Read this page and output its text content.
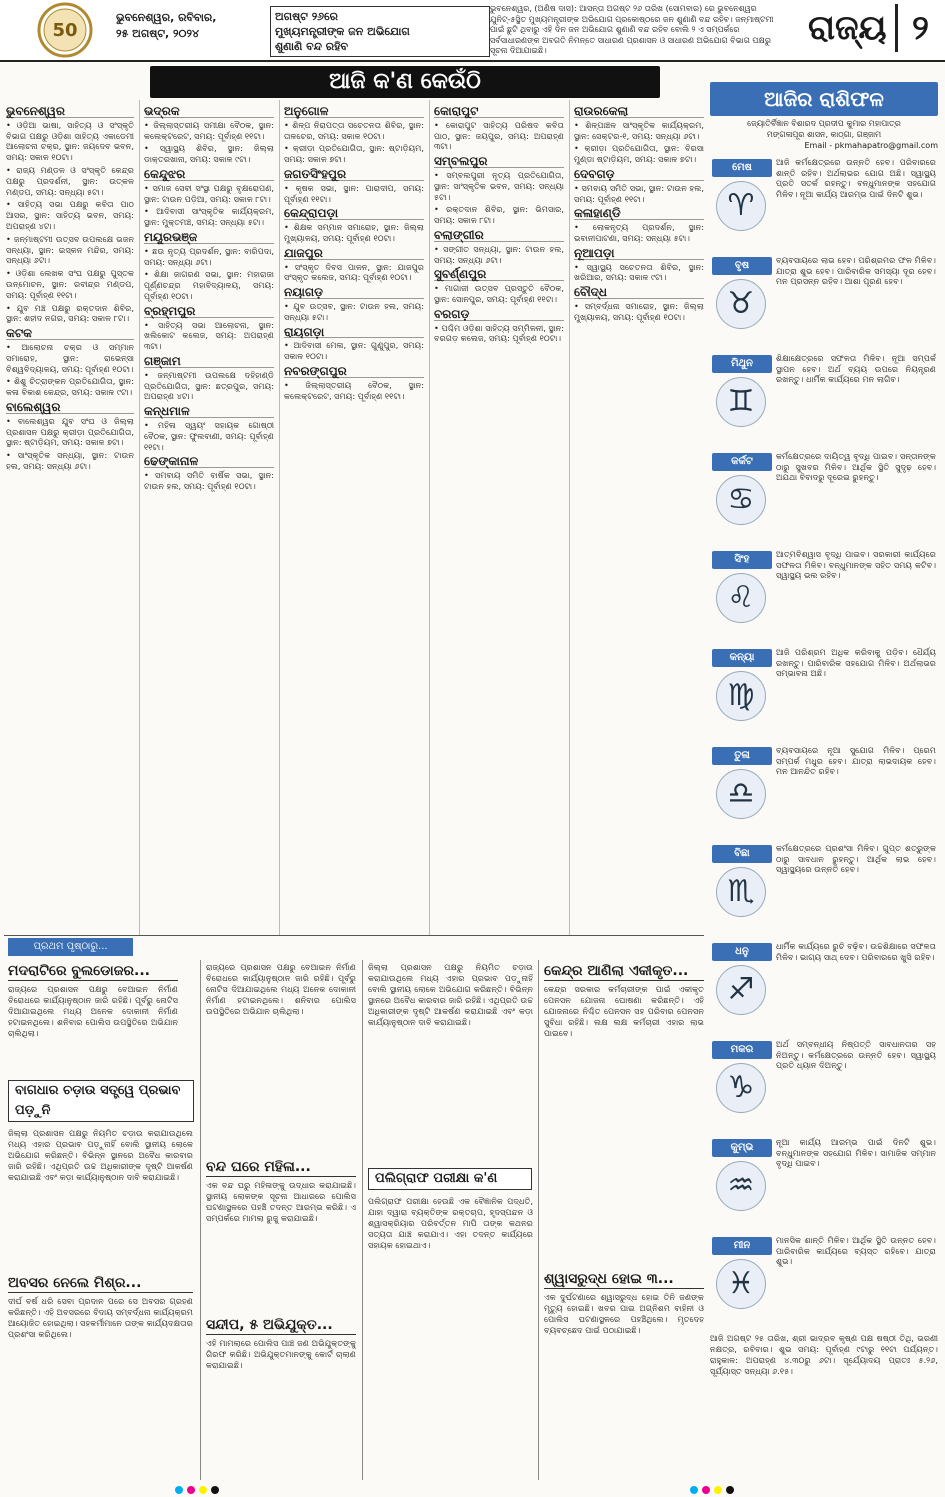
50
ଭୁବନେଶ୍ୱର, ରବିବାର,
୨୫ ଅଗଷ୍ଟ, ୨୦୨୪
ଅଗଷ୍ଟ ୨୬ରେ
ମୁଖ୍ୟମନ୍ତ୍ରୀଙ୍କ ଜନ ଅଭିଯୋଗ
ଶୁଣାଣି ବନ୍ଦ ରହିବ
ଭୁବନେଶ୍ୱର, (ଅଣିଷ ଦାସ): ଆସନ୍ତା ଅଗଷ୍ଟ ୨୬ ତାରିଖ (ସୋମବାର) ରେ ଭୁବନେଶ୍ୱର ଯୁନିଟ୍-୫ସ୍ଥିତ ମୁଖ୍ୟମନ୍ତ୍ରୀଙ୍କ ଅଭିଯୋଗ ପ୍ରକୋଷ୍ଠରେ ଜନ ଶୁଣାଣି ବନ୍ଦ ରହିବ। ଜନ୍ମାଷ୍ଟମୀ ପାଇଁ ଛୁଟି ଥିବାରୁ ଏହି ଦିନ ଜନ ଅଭିଯୋଗ ଶୁଣାଣି ବନ୍ଦ ରହିବ ବୋଲି ୨ ଏ ସମ୍ପର୍କରେ ସର୍ବସାଧାରଣଙ୍କ ଅବଗତି ନିମନ୍ତେ ସାଧାରଣ ପ୍ରଶାସନ ଓ ସାଧାରଣ ଅଭିଯୋଗ ବିଭାଗ ପକ୍ଷରୁ ସୂଚନା ଦିଆଯାଇଛି।
ରାଜ୍ୟ ୨
ଆଜି କ'ଣ କେଉଁଠି
ଭୁବନେଶ୍ୱର

• ଓଡ଼ିଆ ଭାଷା, ସାହିତ୍ୟ ଓ ସଂସ୍କୃତି ବିଭାଗ ପକ୍ଷରୁ ଓଡ଼ିଶା ସାହିତ୍ୟ ଏକାଡେମୀ ଆଲୋଚନା ଚକ୍ର, ସ୍ଥାନ: ଜୟଦେବ ଭବନ, ସମୟ: ସକାଳ ୧୦ଟା।

• ରାଜ୍ୟ ମଣ୍ଡଳ ଓ ସଂସ୍କୃତି କେନ୍ଦ୍ର ପକ୍ଷରୁ ପ୍ରଦର୍ଶନୀ, ସ୍ଥାନ: ଉତ୍କଳ ମଣ୍ଡପ, ସମୟ: ସନ୍ଧ୍ୟା ୫ଟା।

• ସାହିତ୍ୟ ସଭା ପକ୍ଷରୁ କବିତା ପାଠ ଆସର, ସ୍ଥାନ: ସାହିତ୍ୟ ଭବନ, ସମୟ: ଅପରାହ୍ଣ ୪ଟା।

• ଜନ୍ମାଷ୍ଟମୀ ଉତ୍ସବ ଉପଲକ୍ଷେ ଭଜନ ସନ୍ଧ୍ୟା, ସ୍ଥାନ: ଇସ୍କନ ମନ୍ଦିର, ସମୟ: ସନ୍ଧ୍ୟା ୬ଟା।

• ଓଡ଼ିଶା ଲେଖକ ସଂଘ ପକ୍ଷରୁ ପୁସ୍ତକ ଉନ୍ମୋଚନ, ସ୍ଥାନ: ରବୀନ୍ଦ୍ର ମଣ୍ଡପ, ସମୟ: ପୂର୍ବାହ୍ଣ ୧୧ଟା।

• ଯୁବ ମଞ୍ଚ ପକ୍ଷରୁ ରକ୍ତଦାନ ଶିବିର, ସ୍ଥାନ: ଶହୀଦ ନଗର, ସମୟ: ସକାଳ ୮ଟା।

କଟକ

• ଆଲୋଚନା ଚକ୍ର ଓ ସମ୍ମାନ ସମାରୋହ, ସ୍ଥାନ: ରାଭେନ୍ସା ବିଶ୍ୱବିଦ୍ୟାଳୟ, ସମୟ: ପୂର୍ବାହ୍ଣ ୧୦ଟା।

• ଶିଶୁ ଚିତ୍ରାଙ୍କନ ପ୍ରତିଯୋଗିତା, ସ୍ଥାନ: କଳା ବିକାଶ କେନ୍ଦ୍ର, ସମୟ: ସକାଳ ୯ଟା।

ବାଲେଶ୍ୱର

• ବାଲେଶ୍ୱର ଯୁବ ସଂଘ ଓ ଜିଲ୍ଲା ପ୍ରଶାସନ ପକ୍ଷରୁ କ୍ରୀଡ଼ା ପ୍ରତିଯୋଗିତା, ସ୍ଥାନ: ଷ୍ଟାଡ଼ିୟମ, ସମୟ: ସକାଳ ୭ଟା।

• ସାଂସ୍କୃତିକ ସନ୍ଧ୍ୟା, ସ୍ଥାନ: ଟାଉନ ହଲ, ସମୟ: ସନ୍ଧ୍ୟା ୬ଟା।

ଭଦ୍ରକ

• ଜିଲ୍ଲାସ୍ତରୀୟ ସମୀକ୍ଷା ବୈଠକ, ସ୍ଥାନ: କଲେକ୍ଟରେଟ, ସମୟ: ପୂର୍ବାହ୍ଣ ୧୧ଟା।

• ସ୍ୱାସ୍ଥ୍ୟ ଶିବିର, ସ୍ଥାନ: ଜିଲ୍ଲା ଡାକ୍ତରଖାନା, ସମୟ: ସକାଳ ୯ଟା।

କେନ୍ଦୁଝର

• ସମାଜ ସେବୀ ସଂସ୍ଥା ପକ୍ଷରୁ ବୃକ୍ଷରୋପଣ, ସ୍ଥାନ: ଟାଉନ ପଡ଼ିଆ, ସମୟ: ସକାଳ ୮ଟା।

• ଆଦିବାସୀ ସାଂସ୍କୃତିକ କାର୍ଯ୍ୟକ୍ରମ, ସ୍ଥାନ: ମୁକ୍ତମଞ୍ଚ, ସମୟ: ସନ୍ଧ୍ୟା ୫ଟା।

ମୟୂରଭଞ୍ଜ

• ଛଉ ନୃତ୍ୟ ପ୍ରଦର୍ଶନ, ସ୍ଥାନ: ବାରିପଦା, ସମୟ: ସନ୍ଧ୍ୟା ୬ଟା।

• ଶିକ୍ଷା ଜାଗରଣ ସଭା, ସ୍ଥାନ: ମହାରାଜା ପୂର୍ଣ୍ଣଚନ୍ଦ୍ର ମହାବିଦ୍ୟାଳୟ, ସମୟ: ପୂର୍ବାହ୍ଣ ୧୦ଟା।

ବ୍ରହ୍ମପୁର

• ସାହିତ୍ୟ ସଭା ଆଲୋଚନା, ସ୍ଥାନ: ଖଲିକୋଟ କଲେଜ, ସମୟ: ଅପରାହ୍ଣ ୩ଟା।

ଗଞ୍ଜାମ

• ଜନ୍ମାଷ୍ଟମୀ ଉପଲକ୍ଷେ ଦହିହାଣ୍ଡି ପ୍ରତିଯୋଗିତା, ସ୍ଥାନ: ଛତ୍ରପୁର, ସମୟ: ଅପରାହ୍ଣ ୪ଟା।

କନ୍ଧମାଳ

• ମହିଳା ସ୍ୱୟଂ ସହାୟକ ଗୋଷ୍ଠୀ ବୈଠକ, ସ୍ଥାନ: ଫୁଲବାଣୀ, ସମୟ: ପୂର୍ବାହ୍ଣ ୧୧ଟା।

ଢେଙ୍କାନାଳ

• ସମବାୟ ସମିତି ବାର୍ଷିକ ସଭା, ସ୍ଥାନ: ଟାଉନ ହଲ, ସମୟ: ପୂର୍ବାହ୍ଣ ୧୦ଟା।

ଅନୁଗୋଳ

• ଶିଳ୍ପ ନିରାପତ୍ତା ସଚେତନତା ଶିବିର, ସ୍ଥାନ: ତାଳଚେର, ସମୟ: ସକାଳ ୧୦ଟା।

• କ୍ରୀଡ଼ା ପ୍ରତିଯୋଗିତା, ସ୍ଥାନ: ଷ୍ଟାଡ଼ିୟମ, ସମୟ: ସକାଳ ୭ଟା।

ଜଗତସିଂହପୁର

• କୃଷକ ସଭା, ସ୍ଥାନ: ପାରାଦୀପ, ସମୟ: ପୂର୍ବାହ୍ଣ ୧୧ଟା।

କେନ୍ଦ୍ରାପଡ଼ା

• ଶିକ୍ଷକ ସମ୍ମାନ ସମାରୋହ, ସ୍ଥାନ: ଜିଲ୍ଲା ମୁଖ୍ୟାଳୟ, ସମୟ: ପୂର୍ବାହ୍ଣ ୧୦ଟା।

ଯାଜପୁର

• ସଂସ୍କୃତ ଦିବସ ପାଳନ, ସ୍ଥାନ: ଯାଜପୁର ସଂସ୍କୃତ କଲେଜ, ସମୟ: ପୂର୍ବାହ୍ଣ ୧୦ଟା।

ନୟାଗଡ଼

• ଯୁବ ଉତ୍ସବ, ସ୍ଥାନ: ଟାଉନ ହଲ, ସମୟ: ସନ୍ଧ୍ୟା ୫ଟା।

ରାୟଗଡ଼ା

• ଆଦିବାସୀ ମେଳା, ସ୍ଥାନ: ଗୁଣୁପୁର, ସମୟ: ସକାଳ ୧୦ଟା।

ନବରଙ୍ଗପୁର

• ଜିଲ୍ଲାସ୍ତରୀୟ ବୈଠକ, ସ୍ଥାନ: କଲେକ୍ଟରେଟ, ସମୟ: ପୂର୍ବାହ୍ଣ ୧୧ଟା।

କୋରାପୁଟ

• କୋରାପୁଟ ସାହିତ୍ୟ ପରିଷଦ କବିତା ପାଠ, ସ୍ଥାନ: ଜୟପୁର, ସମୟ: ଅପରାହ୍ଣ ୩ଟା।

ସମ୍ବଲପୁର

• ସମ୍ବଲପୁରୀ ନୃତ୍ୟ ପ୍ରତିଯୋଗିତା, ସ୍ଥାନ: ସାଂସ୍କୃତିକ ଭବନ, ସମୟ: ସନ୍ଧ୍ୟା ୫ଟା।

• ରକ୍ତଦାନ ଶିବିର, ସ୍ଥାନ: ଭିମସାର, ସମୟ: ସକାଳ ୮ଟା।

ବଲାଙ୍ଗୀର

• ସଙ୍ଗୀତ ସନ୍ଧ୍ୟା, ସ୍ଥାନ: ଟାଉନ ହଲ, ସମୟ: ସନ୍ଧ୍ୟା ୬ଟା।

ସୁବର୍ଣ୍ଣପୁର

• ମାଗାଜୀ ଉତ୍ସବ ପ୍ରସ୍ତୁତି ବୈଠକ, ସ୍ଥାନ: ସୋନପୁର, ସମୟ: ପୂର୍ବାହ୍ଣ ୧୧ଟା।

ବରଗଡ଼

• ପଶ୍ଚିମ ଓଡ଼ିଶା ସାହିତ୍ୟ ସମ୍ମିଳନୀ, ସ୍ଥାନ: ବରଗଡ଼ କଲେଜ, ସମୟ: ପୂର୍ବାହ୍ଣ ୧୦ଟା।

ରାଉରକେଲା

• ଶିଳ୍ପାଞ୍ଚଳ ସାଂସ୍କୃତିକ କାର୍ଯ୍ୟକ୍ରମ, ସ୍ଥାନ: ସେକ୍ଟର-୧, ସମୟ: ସନ୍ଧ୍ୟା ୬ଟା।

• କ୍ରୀଡ଼ା ପ୍ରତିଯୋଗିତା, ସ୍ଥାନ: ବିରସା ମୁଣ୍ଡା ଷ୍ଟାଡ଼ିୟମ, ସମୟ: ସକାଳ ୭ଟା।

ଦେବଗଡ଼

• ସମବାୟ ସମିତି ସଭା, ସ୍ଥାନ: ଟାଉନ ହଲ, ସମୟ: ପୂର୍ବାହ୍ଣ ୧୧ଟା।

କଳାହାଣ୍ଡି

• ଲୋକନୃତ୍ୟ ପ୍ରଦର୍ଶନ, ସ୍ଥାନ: ଭବାନୀପାଟଣା, ସମୟ: ସନ୍ଧ୍ୟା ୫ଟା।

ନୂଆପଡ଼ା

• ସ୍ୱାସ୍ଥ୍ୟ ସଚେତନତା ଶିବିର, ସ୍ଥାନ: ଖରିଆର, ସମୟ: ସକାଳ ୯ଟା।

ବୌଦ୍ଧ

• ସମ୍ବର୍ଦ୍ଧନା ସମାରୋହ, ସ୍ଥାନ: ଜିଲ୍ଲା ମୁଖ୍ୟାଳୟ, ସମୟ: ପୂର୍ବାହ୍ଣ ୧୦ଟା।

ଆଜିର ରାଶିଫଳ
ଜ୍ୟୋତିର୍ବିଜ୍ଞାନ ବିଶାରଦ ପ୍ରଦୀପ କୁମାର ମହାପାତ୍ର
ମଙ୍ଗଳାପୂର ଶାସନ, କାଠ୍ଗା, ଗଞ୍ଜାମ
Email - pkmahapatro@gmail.com
ମେଷ
♈
ଆଜି କର୍ମକ୍ଷେତ୍ରରେ ଉନ୍ନତି ହେବ। ପରିବାରରେ ଶାନ୍ତି ରହିବ। ଅର୍ଥଲାଭର ଯୋଗ ଅଛି। ସ୍ୱାସ୍ଥ୍ୟ ପ୍ରତି ସତର୍କ ରହନ୍ତୁ। ବନ୍ଧୁମାନଙ୍କ ସହଯୋଗ ମିଳିବ। ନୂଆ କାର୍ଯ୍ୟ ଆରମ୍ଭ ପାଇଁ ଦିନଟି ଶୁଭ।
ବୃଷ
♉
ବ୍ୟବସାୟରେ ଲାଭ ହେବ। ପରିଶ୍ରମର ଫଳ ମିଳିବ। ଯାତ୍ରା ଶୁଭ ହେବ। ପାରିବାରିକ ସମସ୍ୟା ଦୂର ହେବ। ମନ ପ୍ରସନ୍ନ ରହିବ। ଆଶା ପୂରଣ ହେବ।
ମିଥୁନ
♊
ଶିକ୍ଷାକ୍ଷେତ୍ରରେ ସଫଳତା ମିଳିବ। ନୂଆ ସମ୍ପର୍କ ସ୍ଥାପନ ହେବ। ଅର୍ଥ ବ୍ୟୟ ଉପରେ ନିୟନ୍ତ୍ରଣ ରଖନ୍ତୁ। ଧାର୍ମିକ କାର୍ଯ୍ୟରେ ମନ ଲାଗିବ।
କର୍କଟ
♋
କର୍ମକ୍ଷେତ୍ରରେ ଦାୟିତ୍ୱ ବୃଦ୍ଧି ପାଇବ। ସନ୍ତାନଙ୍କ ଠାରୁ ସୁଖବର ମିଳିବ। ଆର୍ଥିକ ସ୍ଥିତି ସୁଦୃଢ଼ ହେବ। ଅଯଥା ବିବାଦରୁ ଦୂରେଇ ରୁହନ୍ତୁ।
ସିଂହ
♌
ଆତ୍ମବିଶ୍ୱାସ ବୃଦ୍ଧି ପାଇବ। ସରକାରୀ କାର୍ଯ୍ୟରେ ସଫଳତା ମିଳିବ। ବନ୍ଧୁମାନଙ୍କ ସହିତ ସମୟ କଟିବ। ସ୍ୱାସ୍ଥ୍ୟ ଭଲ ରହିବ।
କନ୍ୟା
♍
ଆଜି ପରିଶ୍ରମ ଅଧିକ କରିବାକୁ ପଡ଼ିବ। ଧୈର୍ଯ୍ୟ ରଖନ୍ତୁ। ପାରିବାରିକ ସହଯୋଗ ମିଳିବ। ଅର୍ଥଲାଭର ସମ୍ଭାବନା ଅଛି।
ତୁଳା
♎
ବ୍ୟବସାୟରେ ନୂଆ ସୁଯୋଗ ମିଳିବ। ପ୍ରେମ ସମ୍ପର୍କ ମଧୁର ହେବ। ଯାତ୍ରା ଲାଭଦାୟକ ହେବ। ମନ ଆନନ୍ଦିତ ରହିବ।
ବିଛା
♏
କର୍ମକ୍ଷେତ୍ରରେ ପ୍ରଶଂସା ମିଳିବ। ଗୁପ୍ତ ଶତ୍ରୁଙ୍କ ଠାରୁ ସାବଧାନ ରୁହନ୍ତୁ। ଆର୍ଥିକ ଲାଭ ହେବ। ସ୍ୱାସ୍ଥ୍ୟରେ ଉନ୍ନତି ହେବ।
ଧନୁ
♐
ଧାର୍ମିକ କାର୍ଯ୍ୟରେ ରୁଚି ବଢ଼ିବ। ଉଚ୍ଚଶିକ୍ଷାରେ ସଫଳତା ମିଳିବ। ଭାଗ୍ୟ ସାଥ୍ ଦେବ। ପରିବାରରେ ଖୁସି ରହିବ।
ମକର
♑
ଅର୍ଥ ସମ୍ବନ୍ଧୀୟ ନିଷ୍ପତ୍ତି ସାବଧାନତାର ସହ ନିଅନ୍ତୁ। କର୍ମକ୍ଷେତ୍ରରେ ଉନ୍ନତି ହେବ। ସ୍ୱାସ୍ଥ୍ୟ ପ୍ରତି ଧ୍ୟାନ ଦିଅନ୍ତୁ।
କୁମ୍ଭ
♒
ନୂଆ କାର୍ଯ୍ୟ ଆରମ୍ଭ ପାଇଁ ଦିନଟି ଶୁଭ। ବନ୍ଧୁମାନଙ୍କ ସହଯୋଗ ମିଳିବ। ସାମାଜିକ ସମ୍ମାନ ବୃଦ୍ଧି ପାଇବ।
ମୀନ
♓
ମାନସିକ ଶାନ୍ତି ମିଳିବ। ଆର୍ଥିକ ସ୍ଥିତି ଉନ୍ନତ ହେବ। ପାରିବାରିକ କାର୍ଯ୍ୟରେ ବ୍ୟସ୍ତ ରହିବେ। ଯାତ୍ରା ଶୁଭ।
ଆଜି ଅଗଷ୍ଟ ୨୫ ତାରିଖ, ଶ୍ରୀ ଭାଦ୍ରବ କୃଷ୍ଣ ପକ୍ଷ ଷଷ୍ଠୀ ତିଥି, ଭରଣୀ ନକ୍ଷତ୍ର, ରବିବାର। ଶୁଭ ସମୟ: ପୂର୍ବାହ୍ଣ ୯ଟାରୁ ୧୧ଟା ପର୍ଯ୍ୟନ୍ତ। ରାହୁକାଳ: ଅପରାହ୍ଣ ୪.୩୦ରୁ ୬ଟା। ସୂର୍ଯ୍ୟୋଦୟ ପ୍ରାତଃ ୫.୨୬, ସୂର୍ଯ୍ୟାସ୍ତ ସନ୍ଧ୍ୟା ୬.୧୫।
ପ୍ରଥମ ପୃଷ୍ଠାରୁ...
ମଦରାଟିରେ ବୁଲଡୋଜର...
ରାଜ୍ୟରେ ପ୍ରଶାସନ ପକ୍ଷରୁ ବେଆଇନ ନିର୍ମାଣ ବିରୋଧରେ କାର୍ଯ୍ୟାନୁଷ୍ଠାନ ଜାରି ରହିଛି। ପୂର୍ବରୁ ନୋଟିସ ଦିଆଯାଇଥିଲେ ମଧ୍ୟ ଅନେକ ଦୋକାନୀ ନିର୍ମାଣ ହଟାଇନଥିଲେ। ଶନିବାର ପୋଲିସ ଉପସ୍ଥିତିରେ ଅଭିଯାନ ଚାଲିଥିଲା।
ବାଗଧାର ଚଡ଼ାଉ ସତ୍ତ୍ୱେ ପ୍ରଭାବ ପଡ଼ୁନି
ଜିଲ୍ଲା ପ୍ରଶାସନ ପକ୍ଷରୁ ନିୟମିତ ଚଡ଼ାଉ କରାଯାଉଥିଲେ ମଧ୍ୟ ଏହାର ପ୍ରଭାବ ପଡ଼ୁନାହିଁ ବୋଲି ସ୍ଥାନୀୟ ଲୋକେ ଅଭିଯୋଗ କରିଛନ୍ତି। ବିଭିନ୍ନ ସ୍ଥାନରେ ଅବୈଧ କାରବାର ଜାରି ରହିଛି। ଏଥିପ୍ରତି ଉଚ୍ଚ ଅଧିକାରୀଙ୍କ ଦୃଷ୍ଟି ଆକର୍ଷଣ କରାଯାଇଛି ଏବଂ କଡ଼ା କାର୍ଯ୍ୟାନୁଷ୍ଠାନ ଦାବି କରାଯାଇଛି।
ଅବସର ନେଲେ ମିଶ୍ର...
ଦୀର୍ଘ ବର୍ଷ ଧରି ସେବା ପ୍ରଦାନ ପରେ ସେ ଅବସର ଗ୍ରହଣ କରିଛନ୍ତି। ଏହି ଅବସରରେ ବିଦାୟ ସମ୍ବର୍ଦ୍ଧନା କାର୍ଯ୍ୟକ୍ରମ ଆୟୋଜିତ ହୋଇଥିଲା। ସହକର୍ମୀମାନେ ତାଙ୍କ କାର୍ଯ୍ୟଦକ୍ଷତାର ପ୍ରଶଂସା କରିଥିଲେ।
ରାଜ୍ୟରେ ପ୍ରଶାସନ ପକ୍ଷରୁ ବେଆଇନ ନିର୍ମାଣ ବିରୋଧରେ କାର୍ଯ୍ୟାନୁଷ୍ଠାନ ଜାରି ରହିଛି। ପୂର୍ବରୁ ନୋଟିସ ଦିଆଯାଇଥିଲେ ମଧ୍ୟ ଅନେକ ଦୋକାନୀ ନିର୍ମାଣ ହଟାଇନଥିଲେ। ଶନିବାର ପୋଲିସ ଉପସ୍ଥିତିରେ ଅଭିଯାନ ଚାଲିଥିଲା।
ବନ୍ଦ ଘରେ ମହିଳା...
ଏକ ବନ୍ଦ ଘରୁ ମହିଳାଙ୍କୁ ଉଦ୍ଧାର କରାଯାଇଛି। ସ୍ଥାନୀୟ ଲୋକଙ୍କ ସୂଚନା ଆଧାରରେ ପୋଲିସ ଘଟଣାସ୍ଥଳରେ ପହଞ୍ଚି ତଦନ୍ତ ଆରମ୍ଭ କରିଛି। ଏ ସମ୍ପର୍କରେ ମାମଲା ରୁଜୁ କରାଯାଇଛି।
ସନ୍ଦୀପ, ୫ ଅଭିଯୁକ୍ତ...
ଏହି ମାମଲାରେ ପୋଲିସ ପାଞ୍ଚ ଜଣ ଅଭିଯୁକ୍ତଙ୍କୁ ଗିରଫ କରିଛି। ଅଭିଯୁକ୍ତମାନଙ୍କୁ କୋର୍ଟ ଚାଲାଣ କରାଯାଇଛି।
ଜିଲ୍ଲା ପ୍ରଶାସନ ପକ୍ଷରୁ ନିୟମିତ ଚଡ଼ାଉ କରାଯାଉଥିଲେ ମଧ୍ୟ ଏହାର ପ୍ରଭାବ ପଡ଼ୁନାହିଁ ବୋଲି ସ୍ଥାନୀୟ ଲୋକେ ଅଭିଯୋଗ କରିଛନ୍ତି। ବିଭିନ୍ନ ସ୍ଥାନରେ ଅବୈଧ କାରବାର ଜାରି ରହିଛି। ଏଥିପ୍ରତି ଉଚ୍ଚ ଅଧିକାରୀଙ୍କ ଦୃଷ୍ଟି ଆକର୍ଷଣ କରାଯାଇଛି ଏବଂ କଡ଼ା କାର୍ଯ୍ୟାନୁଷ୍ଠାନ ଦାବି କରାଯାଇଛି।
ପଲିଗ୍ରାଫ ପରୀକ୍ଷା କ'ଣ
ପଲିଗ୍ରାଫ ପରୀକ୍ଷା ହେଉଛି ଏକ ବୈଜ୍ଞାନିକ ପଦ୍ଧତି, ଯାହା ଦ୍ୱାରା ବ୍ୟକ୍ତିଙ୍କ ରକ୍ତଚାପ, ହୃଦସ୍ପନ୍ଦନ ଓ ଶ୍ୱାସକ୍ରିୟାର ପରିବର୍ତ୍ତନ ମାପି ତାଙ୍କ କଥନର ସତ୍ୟତା ଯାଞ୍ଚ କରାଯାଏ। ଏହା ତଦନ୍ତ କାର୍ଯ୍ୟରେ ସହାୟକ ହୋଇଥାଏ।
କେନ୍ଦ୍ର ଆଣିଲା ଏକୀକୃତ...
କେନ୍ଦ୍ର ସରକାର କର୍ମଚାରୀଙ୍କ ପାଇଁ ଏକୀକୃତ ପେନସନ ଯୋଜନା ଘୋଷଣା କରିଛନ୍ତି। ଏହି ଯୋଜନାରେ ନିଶ୍ଚିତ ପେନସନ ସହ ପରିବାର ପେନସନ ସୁବିଧା ରହିଛି। ଲକ୍ଷ ଲକ୍ଷ କର୍ମଚାରୀ ଏହାର ଲାଭ ପାଇବେ।
ଶ୍ୱାସରୁଦ୍ଧ ହୋଇ ୩...
ଏକ ଦୁର୍ଘଟଣାରେ ଶ୍ୱାସରୁଦ୍ଧ ହୋଇ ତିନି ଜଣଙ୍କ ମୃତ୍ୟୁ ହୋଇଛି। ଖବର ପାଇ ଅଗ୍ନିଶମ ବାହିନୀ ଓ ପୋଲିସ ଘଟଣାସ୍ଥଳରେ ପହଞ୍ଚିଥିଲେ। ମୃତଦେହ ବ୍ୟବଚ୍ଛେଦ ପାଇଁ ପଠାଯାଇଛି।
